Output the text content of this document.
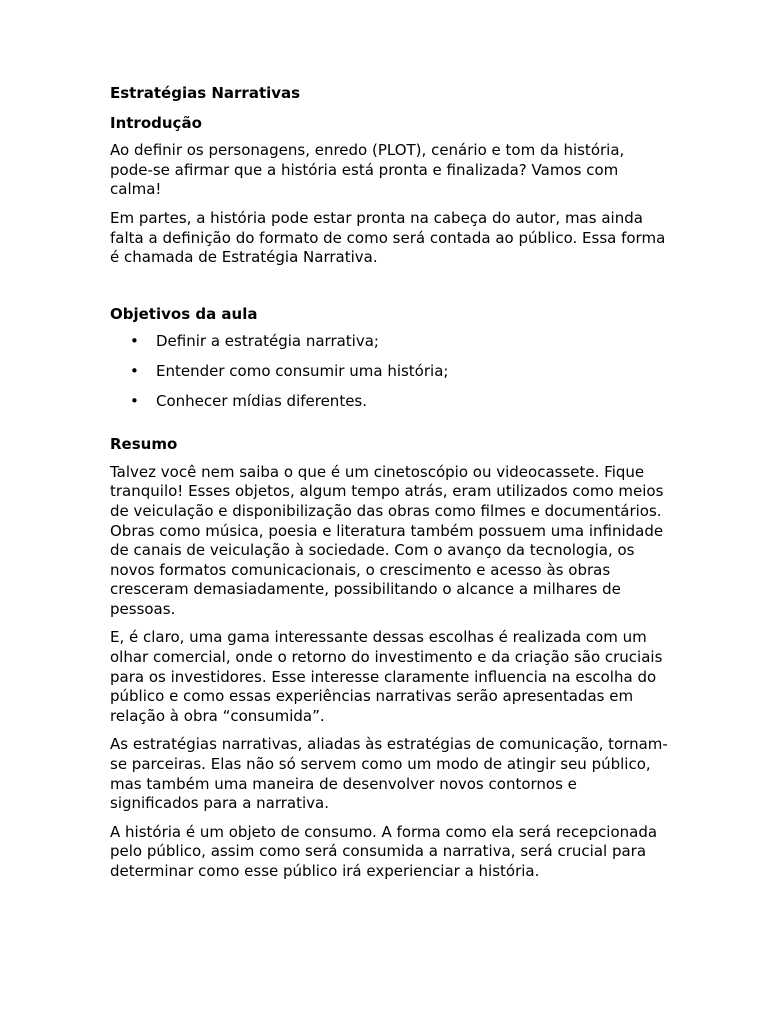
Estratégias Narrativas
Introdução

Ao definir os personagens, enredo (PLOT), cenário e tom da história, pode-se afirmar que a história está pronta e finalizada? Vamos com calma!

Em partes, a história pode estar pronta na cabeça do autor, mas ainda falta a definição do formato de como será contada ao público. Essa forma é chamada de Estratégia Narrativa.

Objetivos da aula
• Definir a estratégia narrativa;
• Entender como consumir uma história;
• Conhecer mídias diferentes.
Resumo

Talvez você nem saiba o que é um cinetoscópio ou videocassete. Fique tranquilo! Esses objetos, algum tempo atrás, eram utilizados como meios de veiculação e disponibilização das obras como filmes e documentários. Obras como música, poesia e literatura também possuem uma infinidade de canais de veiculação à sociedade. Com o avanço da tecnologia, os novos formatos comunicacionais, o crescimento e acesso às obras cresceram demasiadamente, possibilitando o alcance a milhares de pessoas.

E, é claro, uma gama interessante dessas escolhas é realizada com um olhar comercial, onde o retorno do investimento e da criação são cruciais para os investidores. Esse interesse claramente influencia na escolha do público e como essas experiências narrativas serão apresentadas em relação à obra “consumida”.

As estratégias narrativas, aliadas às estratégias de comunicação, tornam-se parceiras. Elas não só servem como um modo de atingir seu público, mas também uma maneira de desenvolver novos contornos e significados para a narrativa.

A história é um objeto de consumo. A forma como ela será recepcionada pelo público, assim como será consumida a narrativa, será crucial para determinar como esse público irá experienciar a história.
